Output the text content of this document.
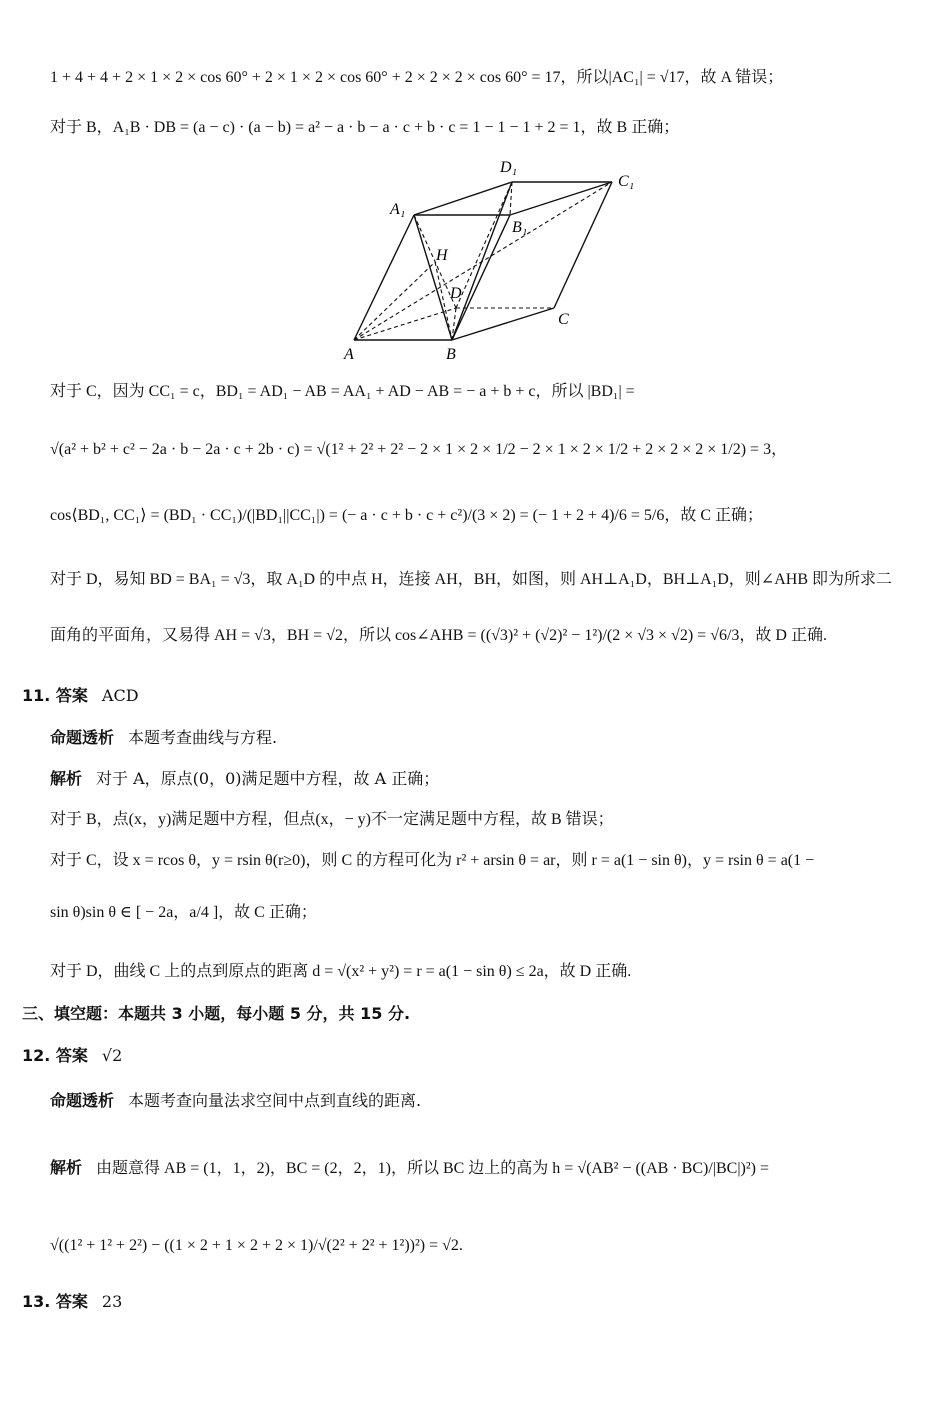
1 + 4 + 4 + 2 × 1 × 2 × cos 60° + 2 × 1 × 2 × cos 60° + 2 × 2 × 2 × cos 60° = 17，所以|AC₁| = √17，故 A 错误；
对于 B，A₁B · DB = (a − c) · (a − b) = a² − a · b − a · c + b · c = 1 − 1 − 1 + 2 = 1，故 B 正确；
A	B
C
D
A₁
B₁
C₁
D₁
H
对于 C，因为 CC₁ = c，BD₁ = AD₁ − AB = AA₁ + AD − AB = − a + b + c，所以 |BD₁| =
√(a² + b² + c² − 2a · b − 2a · c + 2b · c) = √(1² + 2² + 2² − 2 × 1 × 2 × 1/2 − 2 × 1 × 2 × 1/2 + 2 × 2 × 2 × 1/2) = 3，
cos⟨BD₁, CC₁⟩ = (BD₁ · CC₁)/(|BD₁||CC₁|) = (− a · c + b · c + c²)/(3 × 2) = (− 1 + 2 + 4)/6 = 5/6，故 C 正确；
对于 D，易知 BD = BA₁ = √3，取 A₁D 的中点 H，连接 AH，BH，如图，则 AH⊥A₁D，BH⊥A₁D，则∠AHB 即为所求二
面角的平面角，又易得 AH = √3，BH = √2，所以 cos∠AHB = ((√3)² + (√2)² − 1²)/(2 × √3 × √2) = √6/3，故 D 正确.
11. 答案 ACD
命题透析 本题考查曲线与方程.
解析 对于 A，原点(0，0)满足题中方程，故 A 正确；
对于 B，点(x，y)满足题中方程，但点(x，− y)不一定满足题中方程，故 B 错误；
对于 C，设 x = rcos θ，y = rsin θ(r≥0)，则 C 的方程可化为 r² + arsin θ = ar，则 r = a(1 − sin θ)，y = rsin θ = a(1 −
sin θ)sin θ ∈ [ − 2a，a/4 ]，故 C 正确；
对于 D，曲线 C 上的点到原点的距离 d = √(x² + y²) = r = a(1 − sin θ) ≤ 2a，故 D 正确.
三、填空题：本题共 3 小题，每小题 5 分，共 15 分.
12. 答案 √2
命题透析 本题考查向量法求空间中点到直线的距离.
解析 由题意得 AB = (1，1，2)，BC = (2，2，1)，所以 BC 边上的高为 h = √(AB² − ((AB · BC)/|BC|)²) =
√((1² + 1² + 2²) − ((1 × 2 + 1 × 2 + 2 × 1)/√(2² + 2² + 1²))²) = √2.
13. 答案 23
